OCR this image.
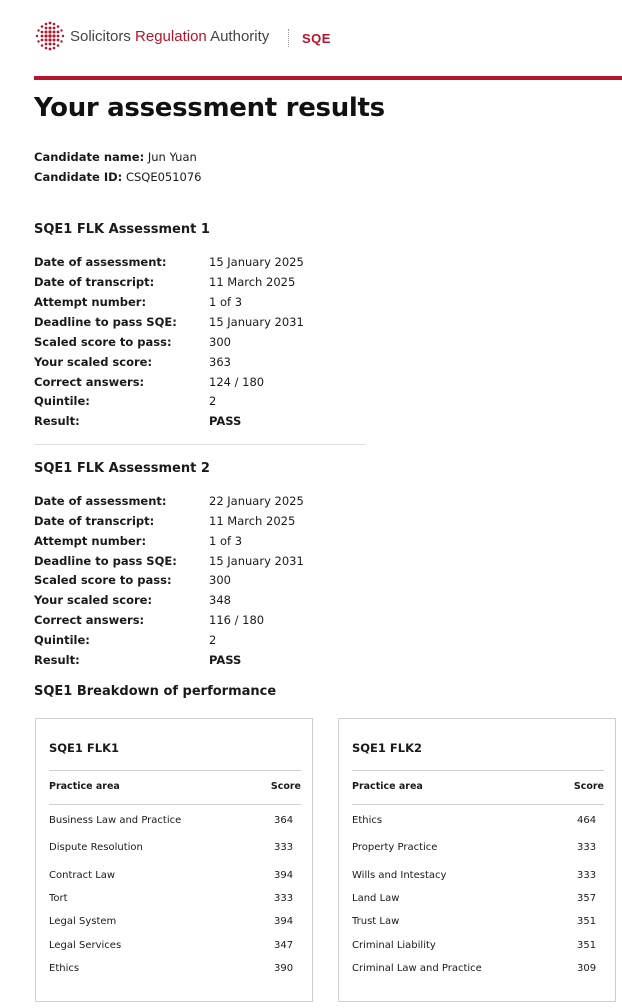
Solicitors Regulation Authority	SQE
Your assessment results
Candidate name: Jun Yuan
Candidate ID: CSQE051076
SQE1 FLK Assessment 1
Date of assessment:	15 January 2025
Date of transcript:	11 March 2025
Attempt number:	1 of 3
Deadline to pass SQE:	15 January 2031
Scaled score to pass:	300
Your scaled score:	363
Correct answers:	124 / 180
Quintile:	2
Result:	PASS
SQE1 FLK Assessment 2
Date of assessment:	22 January 2025
Date of transcript:	11 March 2025
Attempt number:	1 of 3
Deadline to pass SQE:	15 January 2031
Scaled score to pass:	300
Your scaled score:	348
Correct answers:	116 / 180
Quintile:	2
Result:	PASS
SQE1 Breakdown of performance
SQE1 FLK1
Practice area	Score
Business Law and Practice	364
Dispute Resolution	333
Contract Law	394
Tort	333
Legal System	394
Legal Services	347
Ethics	390
SQE1 FLK2
Practice area	Score
Ethics	464
Property Practice	333
Wills and Intestacy	333
Land Law	357
Trust Law	351
Criminal Liability	351
Criminal Law and Practice	309
